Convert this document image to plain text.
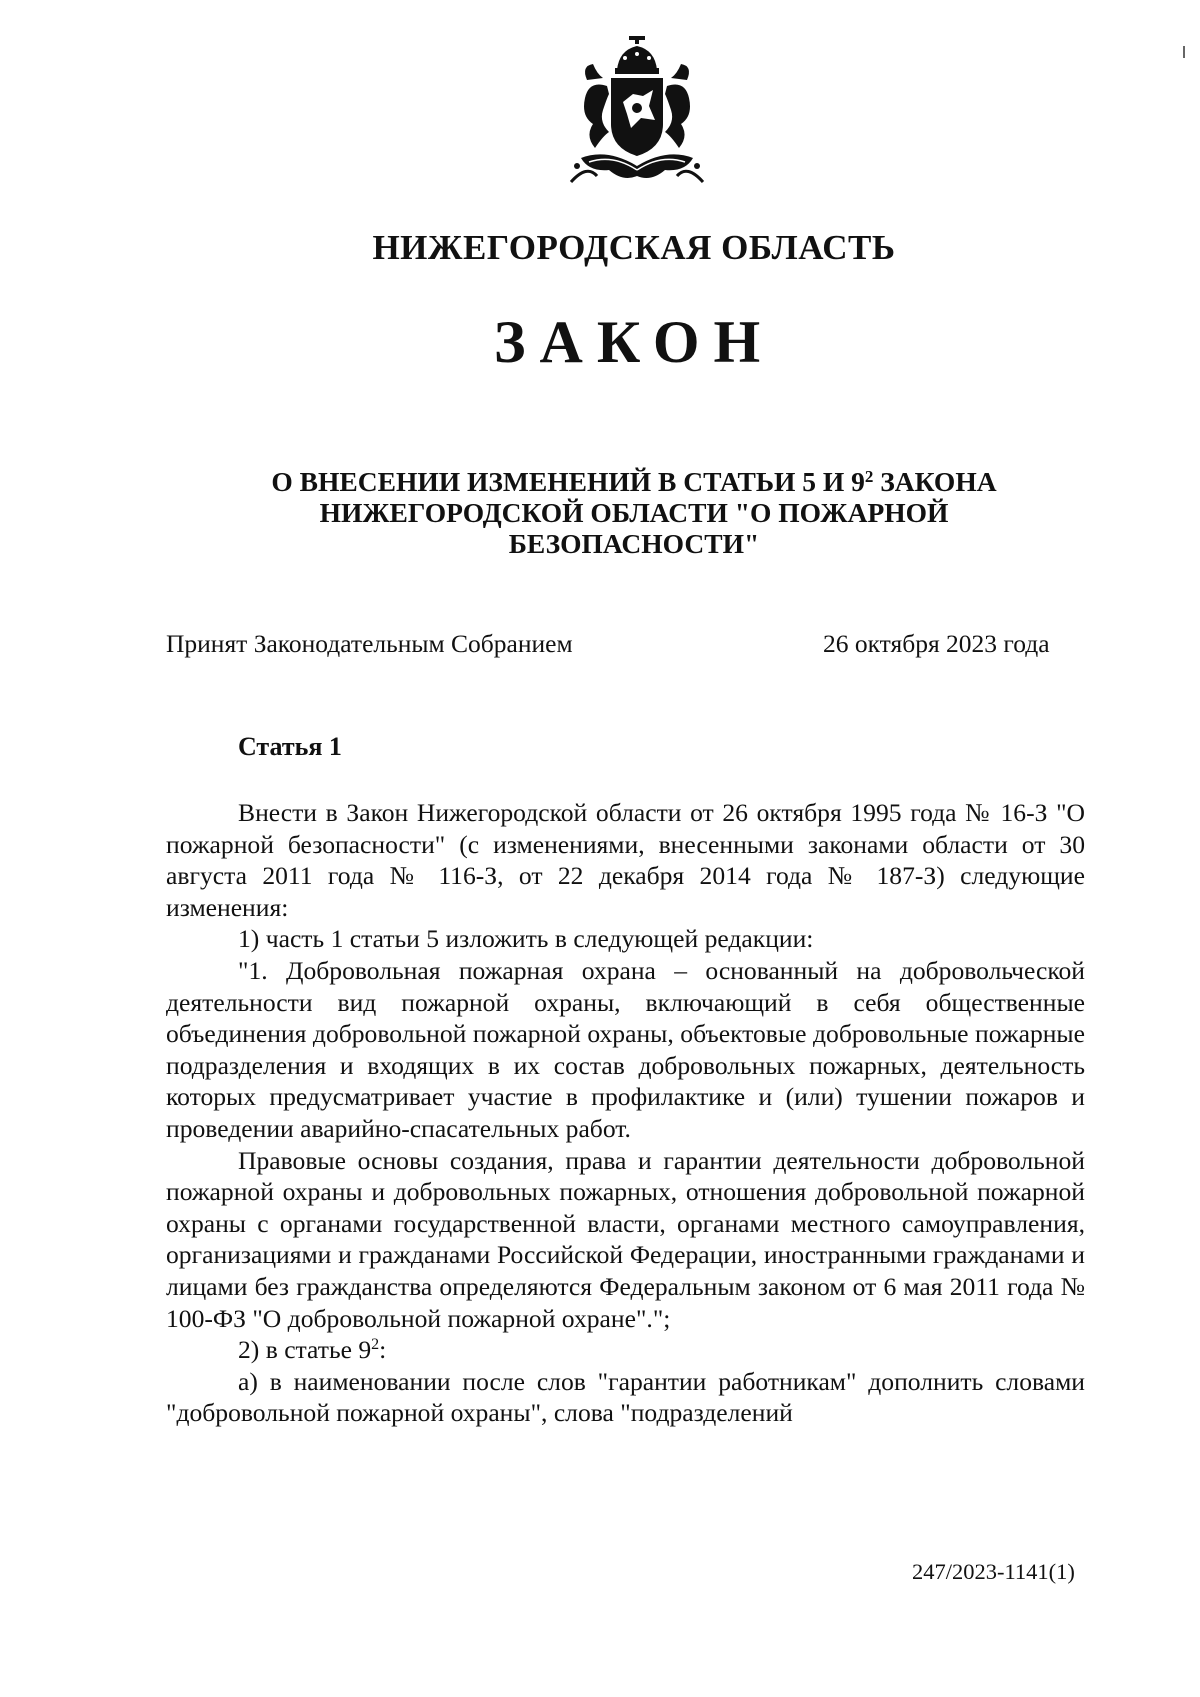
НИЖЕГОРОДСКАЯ ОБЛАСТЬ
ЗАКОН
О ВНЕСЕНИИ ИЗМЕНЕНИЙ В СТАТЬИ 5 И $9^2$ ЗАКОНА
НИЖЕГОРОДСКОЙ ОБЛАСТИ "О ПОЖАРНОЙ
БЕЗОПАСНОСТИ"
Принят Законодательным Собранием	26 октября 2023 года
Статья 1

Внести в Закон Нижегородской области от 26 октября 1995 года № 16-З "О пожарной безопасности" (с изменениями, внесенными законами области от 30 августа 2011 года № 116-З, от 22 декабря 2014 года № 187-З) следующие изменения:

1) часть 1 статьи 5 изложить в следующей редакции:

"1. Добровольная пожарная охрана – основанный на добровольческой деятельности вид пожарной охраны, включающий в себя общественные объединения добровольной пожарной охраны, объектовые добровольные пожарные подразделения и входящих в их состав добровольных пожарных, деятельность которых предусматривает участие в профилактике и (или) тушении пожаров и проведении аварийно-спасательных работ.

Правовые основы создания, права и гарантии деятельности добровольной пожарной охраны и добровольных пожарных, отношения добровольной пожарной охраны с органами государственной власти, органами местного самоуправления, организациями и гражданами Российской Федерации, иностранными гражданами и лицами без гражданства определяются Федеральным законом от 6 мая 2011 года № 100-ФЗ "О добровольной пожарной охране".";

2) в статье $9^2$:

а) в наименовании после слов "гарантии работникам" дополнить словами "добровольной пожарной охраны", слова "подразделений

247/2023-1141(1)
